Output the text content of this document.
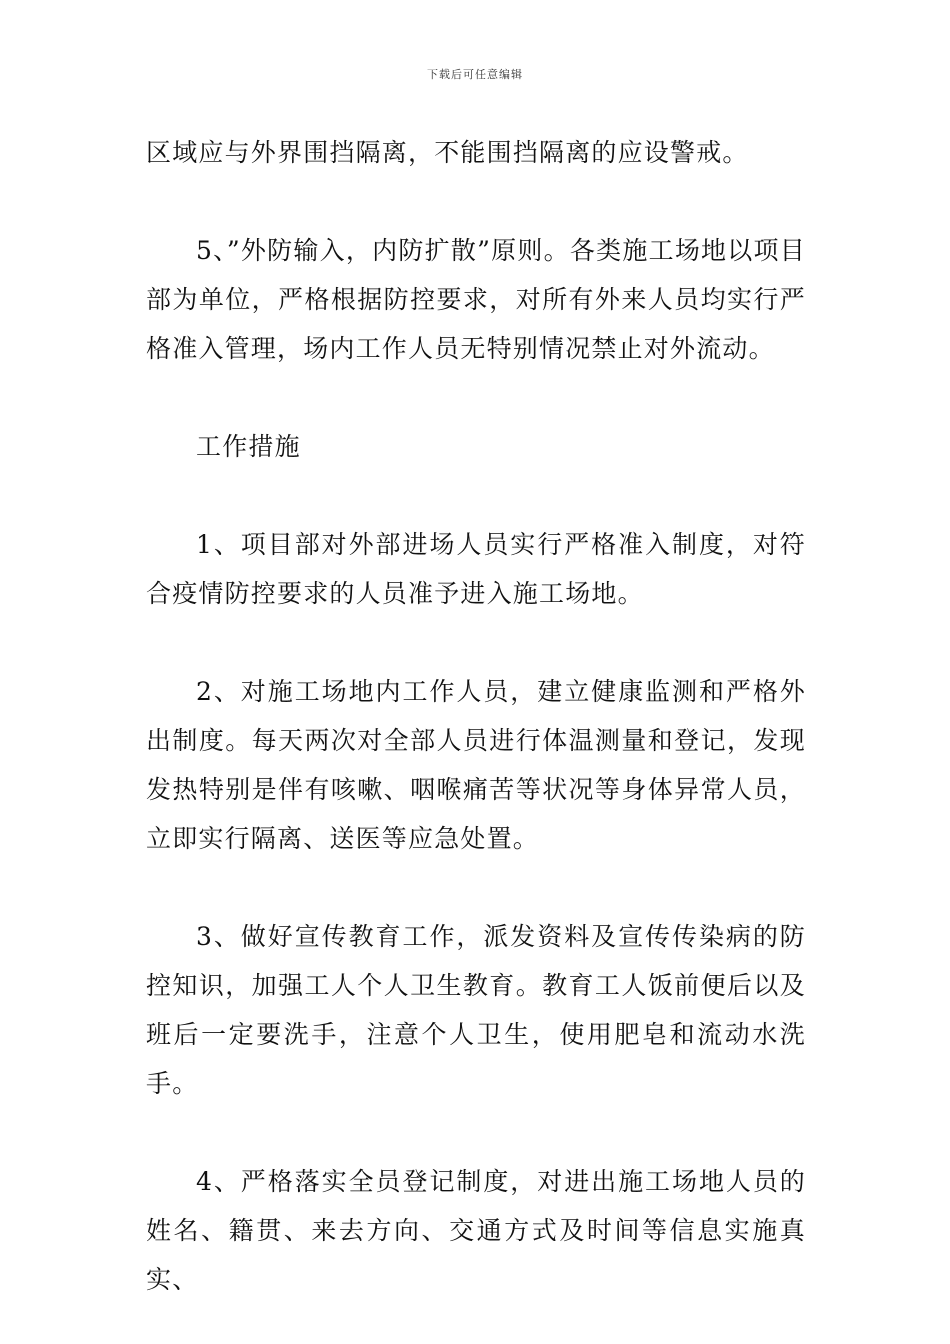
下载后可任意编辑

区域应与外界围挡隔离，不能围挡隔离的应设警戒。

5、”外防输入，内防扩散”原则。各类施工场地以项目部为单位，严格根据防控要求，对所有外来人员均实行严格准入管理，场内工作人员无特别情况禁止对外流动。

工作措施

1、项目部对外部进场人员实行严格准入制度，对符合疫情防控要求的人员准予进入施工场地。

2、对施工场地内工作人员，建立健康监测和严格外出制度。每天两次对全部人员进行体温测量和登记，发现发热特别是伴有咳嗽、咽喉痛苦等状况等身体异常人员，立即实行隔离、送医等应急处置。

3、做好宣传教育工作，派发资料及宣传传染病的防控知识，加强工人个人卫生教育。教育工人饭前便后以及班后一定要洗手，注意个人卫生，使用肥皂和流动水洗手。

4、严格落实全员登记制度，对进出施工场地人员的姓名、籍贯、来去方向、交通方式及时间等信息实施真实、
